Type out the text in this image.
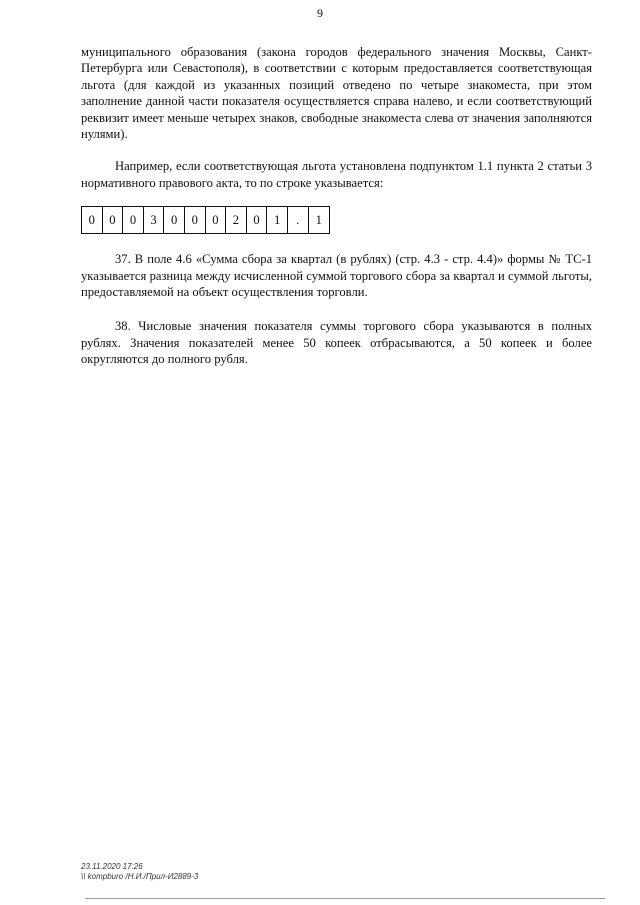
9

муниципального образования (закона городов федерального значения Москвы, Санкт-Петербурга или Севастополя), в соответствии с которым предоставляется соответствующая льгота (для каждой из указанных позиций отведено по четыре знакоместа, при этом заполнение данной части показателя осуществляется справа налево, и если соответствующий реквизит имеет меньше четырех знаков, свободные знакоместа слева от значения заполняются нулями).

Например, если соответствующая льгота установлена подпунктом 1.1 пункта 2 статьи 3 нормативного правового акта, то по строке указывается:

0	0	0	3	0	0	0	2	0	1	.	1

37. В поле 4.6 «Сумма сбора за квартал (в рублях) (стр. 4.3 - стр. 4.4)» формы № ТС-1 указывается разница между исчисленной суммой торгового сбора за квартал и суммой льготы, предоставляемой на объект осуществления торговли.

38. Числовые значения показателя суммы торгового сбора указываются в полных рублях. Значения показателей менее 50 копеек отбрасываются, а 50 копеек и более округляются до полного рубля.

23.11.2020 17:26
\\ kompburo /Н.И./Прил-И2889-3
